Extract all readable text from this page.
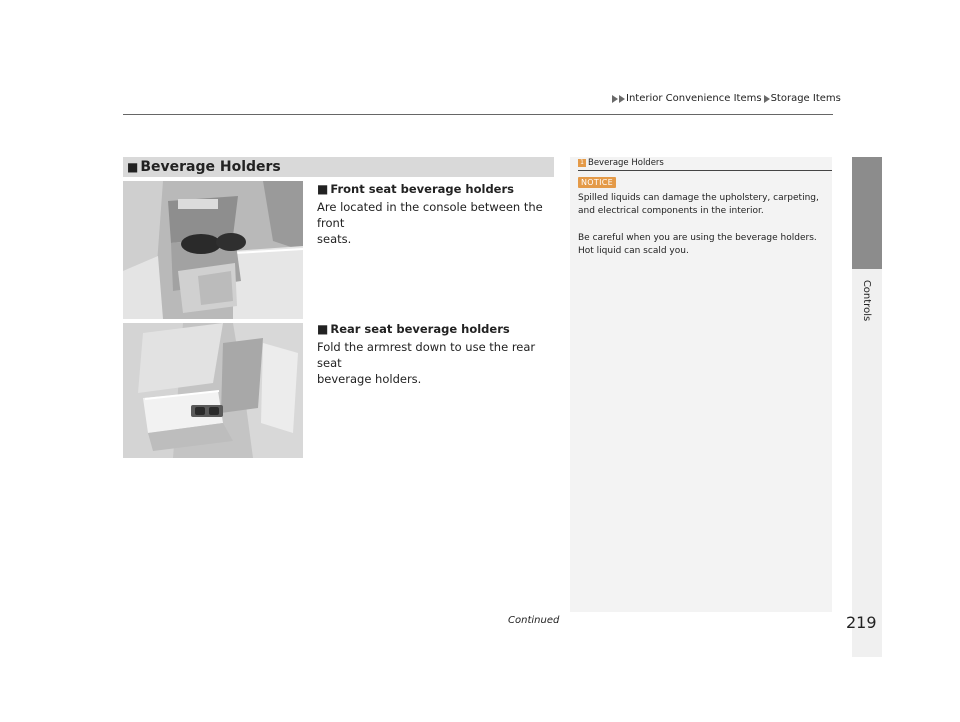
Interior Convenience Items Storage Items
Controls
■ Beverage Holders
■ Front seat beverage holders
Are located in the console between the front
seats.
■ Rear seat beverage holders
Fold the armrest down to use the rear seat
beverage holders.
1 Beverage Holders
NOTICE
Spilled liquids can damage the upholstery, carpeting,
and electrical components in the interior.
Be careful when you are using the beverage holders.
Hot liquid can scald you.
Continued	219
